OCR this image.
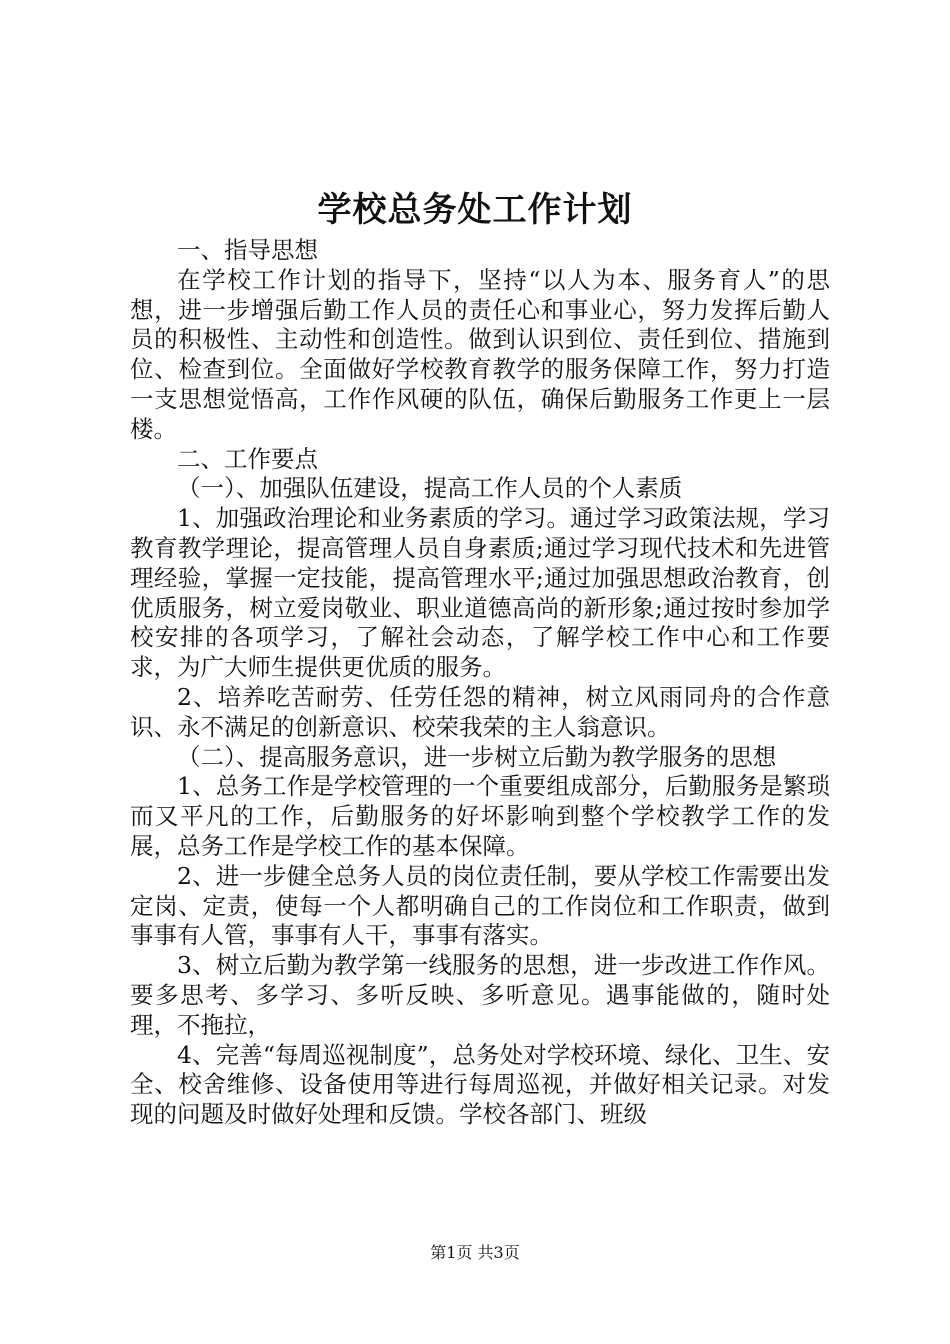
学校总务处工作计划

一、指导思想

在学校工作计划的指导下，坚持“以人为本、服务育人”的思想，进一步增强后勤工作人员的责任心和事业心，努力发挥后勤人员的积极性、主动性和创造性。做到认识到位、责任到位、措施到位、检查到位。全面做好学校教育教学的服务保障工作，努力打造一支思想觉悟高，工作作风硬的队伍，确保后勤服务工作更上一层楼。

二、工作要点

（一）、加强队伍建设，提高工作人员的个人素质

1、加强政治理论和业务素质的学习。通过学习政策法规，学习教育教学理论，提高管理人员自身素质;通过学习现代技术和先进管理经验，掌握一定技能，提高管理水平;通过加强思想政治教育，创优质服务，树立爱岗敬业、职业道德高尚的新形象;通过按时参加学校安排的各项学习，了解社会动态，了解学校工作中心和工作要求，为广大师生提供更优质的服务。

2、培养吃苦耐劳、任劳任怨的精神，树立风雨同舟的合作意识、永不满足的创新意识、校荣我荣的主人翁意识。

（二）、提高服务意识，进一步树立后勤为教学服务的思想

1、总务工作是学校管理的一个重要组成部分，后勤服务是繁琐而又平凡的工作，后勤服务的好坏影响到整个学校教学工作的发展，总务工作是学校工作的基本保障。

2、进一步健全总务人员的岗位责任制，要从学校工作需要出发定岗、定责，使每一个人都明确自己的工作岗位和工作职责，做到事事有人管，事事有人干，事事有落实。

3、树立后勤为教学第一线服务的思想，进一步改进工作作风。要多思考、多学习、多听反映、多听意见。遇事能做的，随时处理，不拖拉，

4、完善“每周巡视制度”，总务处对学校环境、绿化、卫生、安全、校舍维修、设备使用等进行每周巡视，并做好相关记录。对发现的问题及时做好处理和反馈。学校各部门、班级

第1页 共3页
